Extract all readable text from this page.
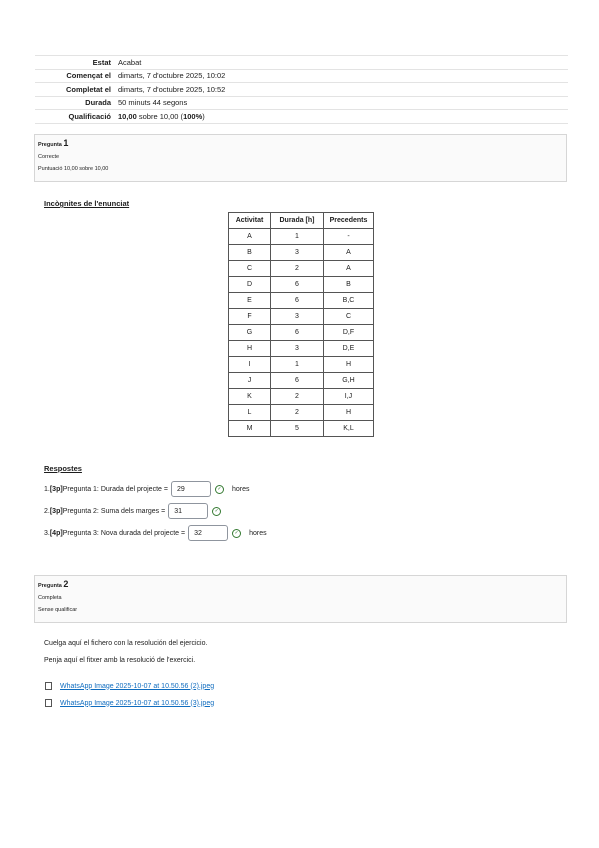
Estat	Acabat
Començat el	dimarts, 7 d'octubre 2025, 10:02
Completat el	dimarts, 7 d'octubre 2025, 10:52
Durada	50 minuts 44 segons
Qualificació	10,00 sobre 10,00 (100%)
Pregunta 1
Correcte
Puntuació 10,00 sobre 10,00
Incògnites de l'enunciat
Activitat	Durada [h]	Precedents
A	1	-
B	3	A
C	2	A
D	6	B
E	6	B,C
F	3	C
G	6	D,F
H	3	D,E
I	1	H
J	6	G,H
K	2	I,J
L	2	H
M	5	K,L
Respostes
1. [3p] Pregunta 1: Durada del projecte =	29	✓	hores
2. [3p] Pregunta 2: Suma dels marges =	31	✓
3. [4p] Pregunta 3: Nova durada del projecte =	32	✓	hores
Pregunta 2
Completa
Sense qualificar
Cuelga aquí el fichero con la resolución del ejercicio.
Penja aquí el fitxer amb la resolució de l'exercici.
WhatsApp Image 2025-10-07 at 10.50.56 (2).jpeg
WhatsApp Image 2025-10-07 at 10.50.56 (3).jpeg
